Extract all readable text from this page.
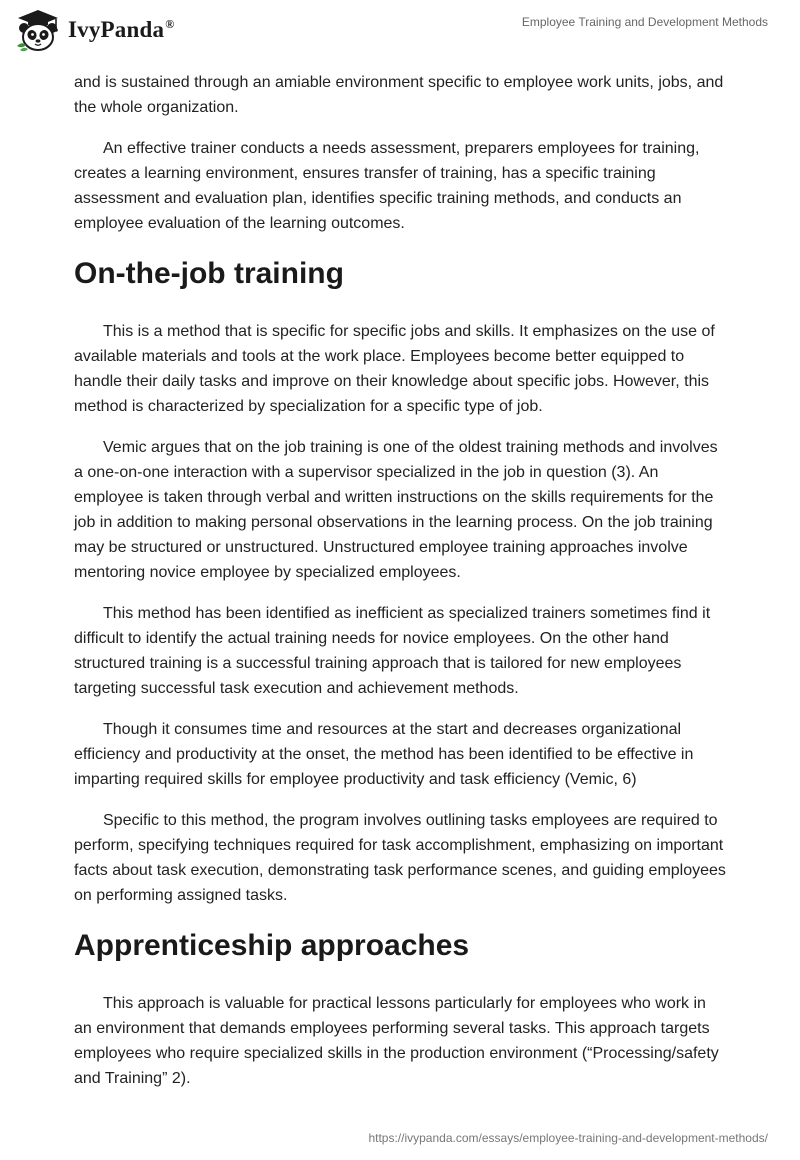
IvyPanda®	Employee Training and Development Methods

and is sustained through an amiable environment specific to employee work units, jobs, and the whole organization.

An effective trainer conducts a needs assessment, preparers employees for training, creates a learning environment, ensures transfer of training, has a specific training assessment and evaluation plan, identifies specific training methods, and conducts an employee evaluation of the learning outcomes.

On-the-job training

This is a method that is specific for specific jobs and skills. It emphasizes on the use of available materials and tools at the work place. Employees become better equipped to handle their daily tasks and improve on their knowledge about specific jobs. However, this method is characterized by specialization for a specific type of job.

Vemic argues that on the job training is one of the oldest training methods and involves a one-on-one interaction with a supervisor specialized in the job in question (3). An employee is taken through verbal and written instructions on the skills requirements for the job in addition to making personal observations in the learning process. On the job training may be structured or unstructured. Unstructured employee training approaches involve mentoring novice employee by specialized employees.

This method has been identified as inefficient as specialized trainers sometimes find it difficult to identify the actual training needs for novice employees. On the other hand structured training is a successful training approach that is tailored for new employees targeting successful task execution and achievement methods.

Though it consumes time and resources at the start and decreases organizational efficiency and productivity at the onset, the method has been identified to be effective in imparting required skills for employee productivity and task efficiency (Vemic, 6)

Specific to this method, the program involves outlining tasks employees are required to perform, specifying techniques required for task accomplishment, emphasizing on important facts about task execution, demonstrating task performance scenes, and guiding employees on performing assigned tasks.

Apprenticeship approaches

This approach is valuable for practical lessons particularly for employees who work in an environment that demands employees performing several tasks. This approach targets employees who require specialized skills in the production environment (“Processing/safety and Training” 2).

https://ivypanda.com/essays/employee-training-and-development-methods/
